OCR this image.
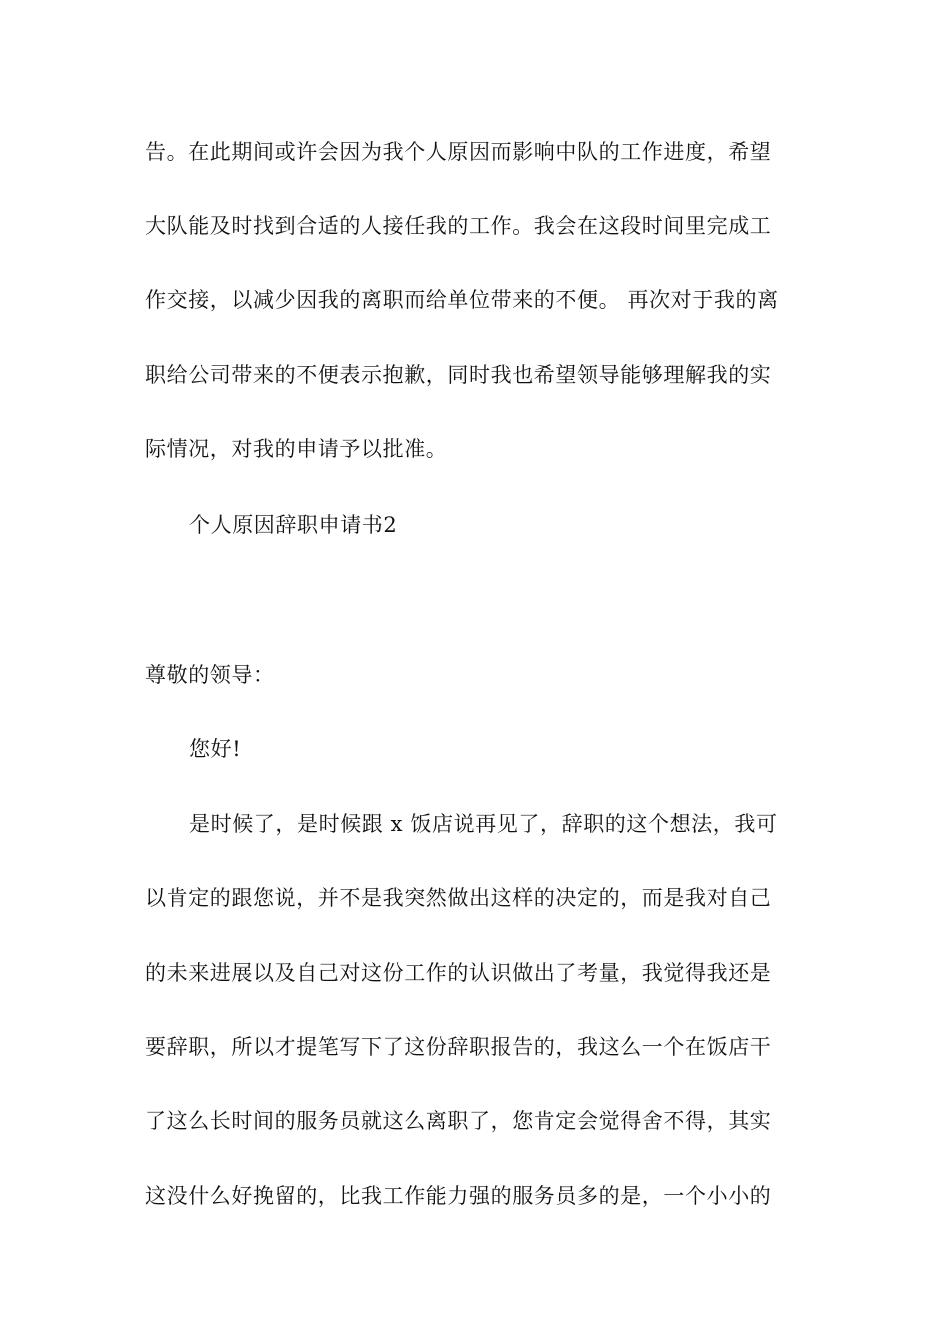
告。在此期间或许会因为我个人原因而影响中队的工作进度，希望
大队能及时找到合适的人接任我的工作。我会在这段时间里完成工
作交接，以减少因我的离职而给单位带来的不便。 再次对于我的离
职给公司带来的不便表示抱歉，同时我也希望领导能够理解我的实
际情况，对我的申请予以批准。
个人原因辞职申请书2
尊敬的领导：
您好!
是时候了，是时候跟 x 饭店说再见了，辞职的这个想法，我可
以肯定的跟您说，并不是我突然做出这样的决定的，而是我对自己
的未来进展以及自己对这份工作的认识做出了考量，我觉得我还是
要辞职，所以才提笔写下了这份辞职报告的，我这么一个在饭店干
了这么长时间的服务员就这么离职了，您肯定会觉得舍不得，其实
这没什么好挽留的，比我工作能力强的服务员多的是，一个小小的
